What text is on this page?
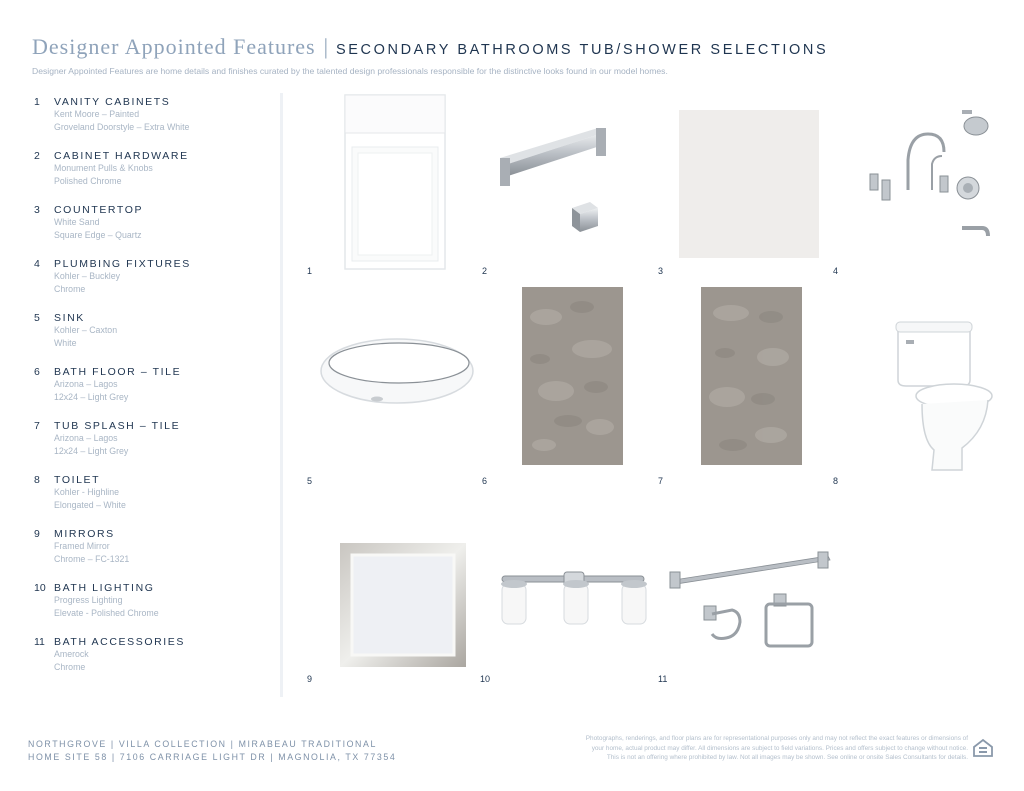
Designer Appointed Features | SECONDARY BATHROOMS TUB/SHOWER SELECTIONS
Designer Appointed Features are home details and finishes curated by the talented design professionals responsible for the distinctive looks found in our model homes.
1	VANITY CABINETS
Kent Moore – Painted
Groveland Doorstyle – Extra White
2	CABINET HARDWARE
Monument Pulls & Knobs
Polished Chrome
3	COUNTERTOP
White Sand
Square Edge – Quartz
4	PLUMBING FIXTURES
Kohler – Buckley
Chrome
5	SINK
Kohler – Caxton
White
6	BATH FLOOR – TILE
Arizona – Lagos
12x24 – Light Grey
7	TUB SPLASH – TILE
Arizona – Lagos
12x24 – Light Grey
8	TOILET
Kohler - Highline
Elongated – White
9	MIRRORS
Framed Mirror
Chrome – FC-1321
10 BATH LIGHTING
Progress Lighting
Elevate - Polished Chrome
11 BATH ACCESSORIES
Amerock
Chrome
1	2	3	4
5	6	7	8
9	10	11
NORTHGROVE | VILLA COLLECTION | MIRABEAU TRADITIONAL
HOME SITE 58 | 7106 CARRIAGE LIGHT DR | MAGNOLIA, TX 77354
Photographs, renderings, and floor plans are for representational purposes only and may not reflect the exact features or dimensions of
your home, actual product may differ. All dimensions are subject to field variations. Prices and offers subject to change without notice.
This is not an offering where prohibited by law. Not all images may be shown. See online or onsite Sales Consultants for details.
